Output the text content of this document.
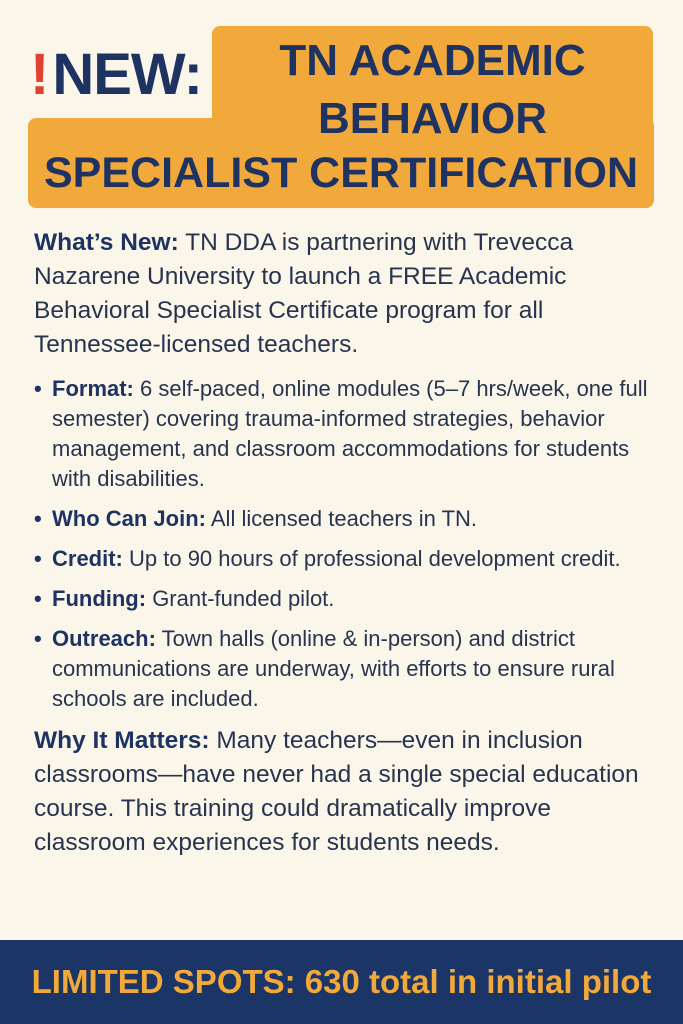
! NEW:	TN ACADEMIC
BEHAVIOR
SPECIALIST CERTIFICATION

What’s New: TN DDA is partnering with Trevecca Nazarene University to launch a FREE Academic Behavioral Specialist Certificate program for all Tennessee-licensed teachers.

• Format: 6 self-paced, online modules (5–7 hrs/week, one full semester) covering trauma-informed strategies, behavior management, and classroom accommodations for students with disabilities.
• Who Can Join: All licensed teachers in TN.
• Credit: Up to 90 hours of professional development credit.
• Funding: Grant-funded pilot.
• Outreach: Town halls (online & in-person) and district communications are underway, with efforts to ensure rural schools are included.

Why It Matters: Many teachers—even in inclusion classrooms—have never had a single special education course. This training could dramatically improve classroom experiences for students needs.

LIMITED SPOTS: 630 total in initial pilot
